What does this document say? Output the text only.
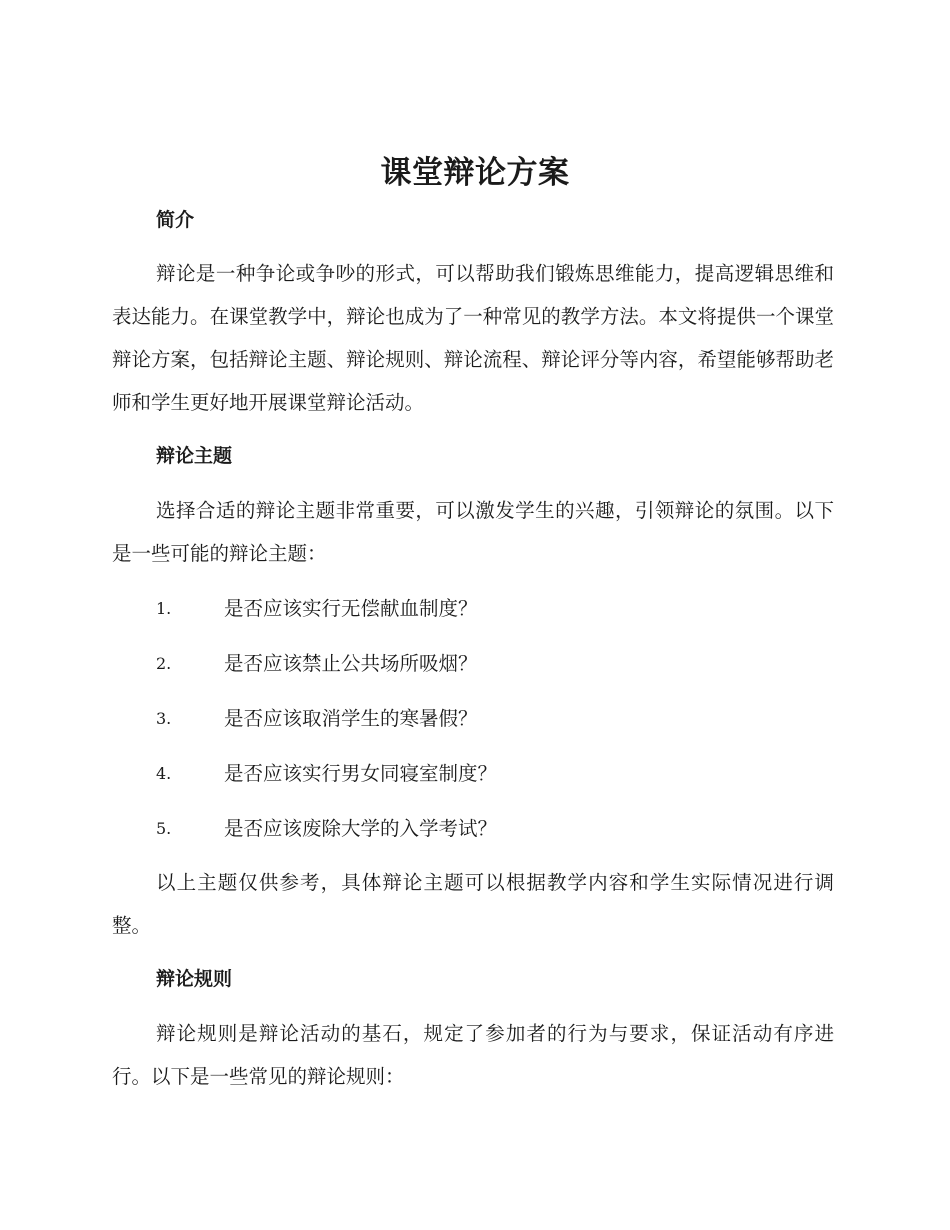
课堂辩论方案
简介

辩论是一种争论或争吵的形式，可以帮助我们锻炼思维能力，提高逻辑思维和表达能力。在课堂教学中，辩论也成为了一种常见的教学方法。本文将提供一个课堂辩论方案，包括辩论主题、辩论规则、辩论流程、辩论评分等内容，希望能够帮助老师和学生更好地开展课堂辩论活动。

辩论主题

选择合适的辩论主题非常重要，可以激发学生的兴趣，引领辩论的氛围。以下是一些可能的辩论主题：

1.	是否应该实行无偿献血制度？
2.	是否应该禁止公共场所吸烟？
3.	是否应该取消学生的寒暑假？
4.	是否应该实行男女同寝室制度？
5.	是否应该废除大学的入学考试？

以上主题仅供参考，具体辩论主题可以根据教学内容和学生实际情况进行调整。

辩论规则

辩论规则是辩论活动的基石，规定了参加者的行为与要求，保证活动有序进行。以下是一些常见的辩论规则：
